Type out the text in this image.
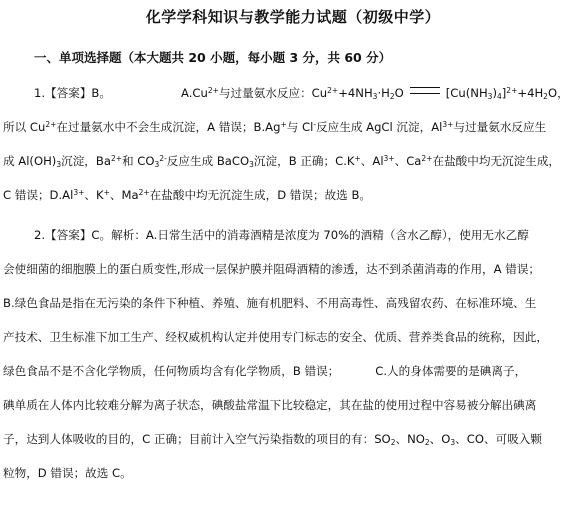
化学学科知识与教学能力试题（初级中学）
一、单项选择题（本大题共 20 小题，每小题 3 分，共 60 分）
1.【答案】B。	$A.Cu^{2+}$与过量氨水反应：$Cu^{2+}+4NH_3\cdot H_2O$	$[Cu(NH_3)_4]^{2+}+4H_2O$，
所以 $Cu^{2+}$在过量氨水中不会生成沉淀，A 错误；B.Ag+与 Cl-反应生成 AgCl 沉淀，$Al^{3+}$与过量氨水反应生
成 $Al(OH)_3$沉淀，$Ba^{2+}$和 $CO_3^{2-}$反应生成 BaCO$_3$沉淀，B 正确；C.K+、$Al^{3+}$、$Ca^{2+}$在盐酸中均无沉淀生成，
C 错误；$D.Al^{3+}$、K+、$Ma^{2+}$在盐酸中均无沉淀生成，D 错误；故选 B。
2.【答案】C。解析：A.日常生活中的消毒酒精是浓度为 70%的酒精（含水乙醇），使用无水乙醇
会使细菌的细胞膜上的蛋白质变性,形成一层保护膜并阻碍酒精的渗透，达不到杀菌消毒的作用，A 错误；
B.绿色食品是指在无污染的条件下种植、养殖、施有机肥料、不用高毒性、高残留农药、在标准环境、生
产技术、卫生标准下加工生产、经权威机构认定并使用专门标志的安全、优质、营养类食品的统称，因此，
绿色食品不是不含化学物质，任何物质均含有化学物质，B 错误；	C.人的身体需要的是碘离子，
碘单质在人体内比较难分解为离子状态，碘酸盐常温下比较稳定，其在盐的使用过程中容易被分解出碘离
子，达到人体吸收的目的，C 正确；目前计入空气污染指数的项目的有：$SO_2$、$NO_2$、$O_3$、CO、可吸入颗
粒物，D 错误；故选 C。
